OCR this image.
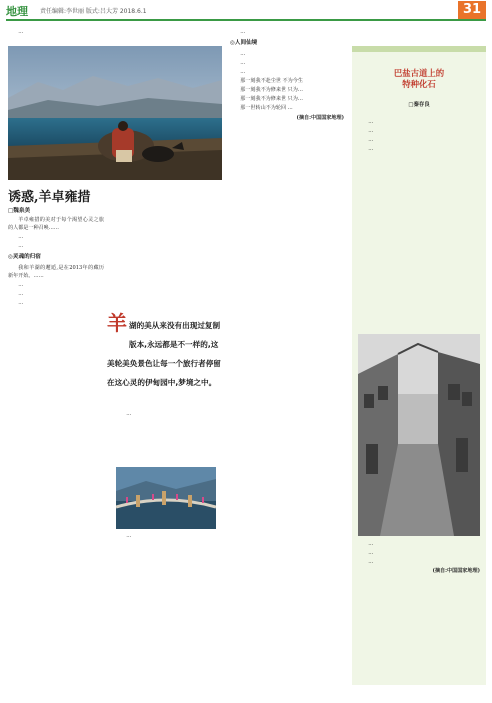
地理 责任编辑:李世丽 版式:吕大芳 2018.6.1	31

…

诱惑,羊卓雍措
□魏泉美

羊卓雍措的美对于每个渴望心灵之旅的人都是一种召唤……

…

…

◎灵魂的归宿

我和羊湖的邂逅,是在2013年的藏历新年开始。……

…

…

…

羊 湖的美从来没有出现过复制版本,永远都是不一样的,这美轮美奂景色让每一个旅行者停留在这心灵的伊甸园中,梦境之中。

…

…

…

◎人间仙境

…

…

…

那一刻我不赴尘世 不为今生

那一刻我不为修来世 只为…

那一刻我不为修来世 只为…

那一世转山不为轮回 …

(摘自:中国国家地理)

巴盐古道上的
特种化石
□秦存良

…

…

…

…

…

…

…

(摘自:中国国家地理)
